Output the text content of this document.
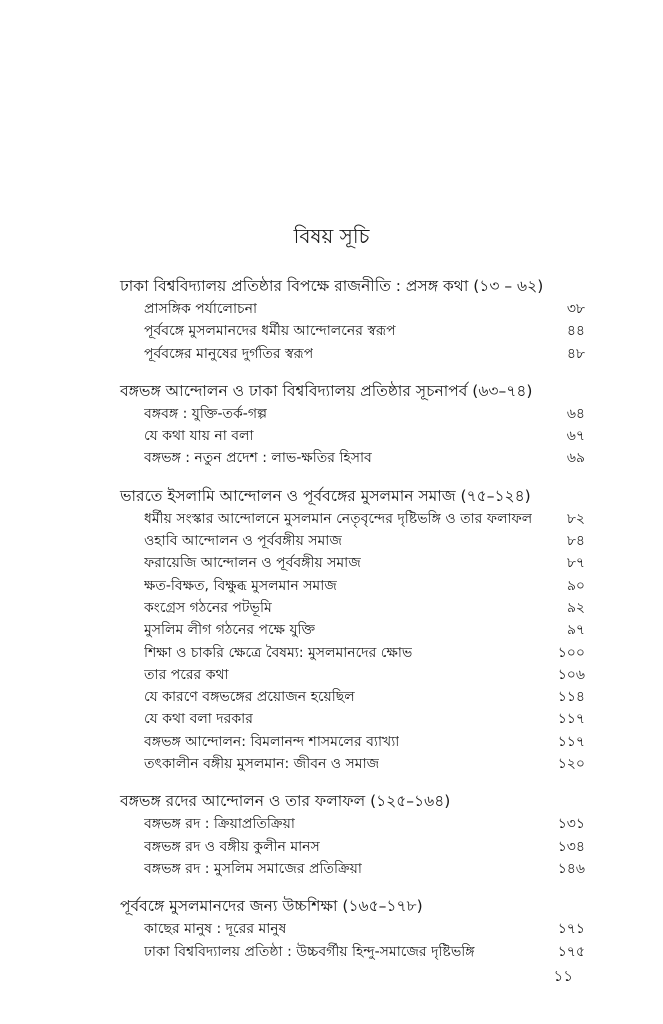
বিষয় সূচি
ঢাকা বিশ্ববিদ্যালয় প্রতিষ্ঠার বিপক্ষে রাজনীতি : প্রসঙ্গ কথা (১৩ – ৬২)
প্রাসঙ্গিক পর্যালোচনা	৩৮
পূর্ববঙ্গে মুসলমানদের ধর্মীয় আন্দোলনের স্বরূপ	৪৪
পূর্ববঙ্গের মানুষের দুর্গতির স্বরূপ	৪৮
বঙ্গভঙ্গ আন্দোলন ও ঢাকা বিশ্ববিদ্যালয় প্রতিষ্ঠার সূচনাপর্ব (৬৩–৭৪)
বঙ্গবঙ্গ : যুক্তি-তর্ক-গল্প	৬৪
যে কথা যায় না বলা	৬৭
বঙ্গভঙ্গ : নতুন প্রদেশ : লাভ-ক্ষতির হিসাব	৬৯
ভারতে ইসলামি আন্দোলন ও পূর্ববঙ্গের মুসলমান সমাজ (৭৫–১২৪)
ধর্মীয় সংস্কার আন্দোলনে মুসলমান নেতৃবৃন্দের দৃষ্টিভঙ্গি ও তার ফলাফল	৮২
ওহাবি আন্দোলন ও পূর্ববঙ্গীয় সমাজ	৮৪
ফরায়েজি আন্দোলন ও পূর্ববঙ্গীয় সমাজ	৮৭
ক্ষত-বিক্ষত, বিক্ষুব্ধ মুসলমান সমাজ	৯০
কংগ্রেস গঠনের পটভূমি	৯২
মুসলিম লীগ গঠনের পক্ষে যুক্তি	৯৭
শিক্ষা ও চাকরি ক্ষেত্রে বৈষম্য: মুসলমানদের ক্ষোভ	১০০
তার পরের কথা	১০৬
যে কারণে বঙ্গভঙ্গের প্রয়োজন হয়েছিল	১১৪
যে কথা বলা দরকার	১১৭
বঙ্গভঙ্গ আন্দোলন: বিমলানন্দ শাসমলের ব্যাখ্যা	১১৭
তৎকালীন বঙ্গীয় মুসলমান: জীবন ও সমাজ	১২০
বঙ্গভঙ্গ রদের আন্দোলন ও তার ফলাফল (১২৫–১৬৪)
বঙ্গভঙ্গ রদ : ক্রিয়াপ্রতিক্রিয়া	১৩১
বঙ্গভঙ্গ রদ ও বঙ্গীয় কুলীন মানস	১৩৪
বঙ্গভঙ্গ রদ : মুসলিম সমাজের প্রতিক্রিয়া	১৪৬
পূর্ববঙ্গে মুসলমানদের জন্য উচ্চশিক্ষা (১৬৫–১৭৮)
কাছের মানুষ : দূরের মানুষ	১৭১
ঢাকা বিশ্ববিদ্যালয় প্রতিষ্ঠা : উচ্চবর্গীয় হিন্দু-সমাজের দৃষ্টিভঙ্গি	১৭৫
১১
